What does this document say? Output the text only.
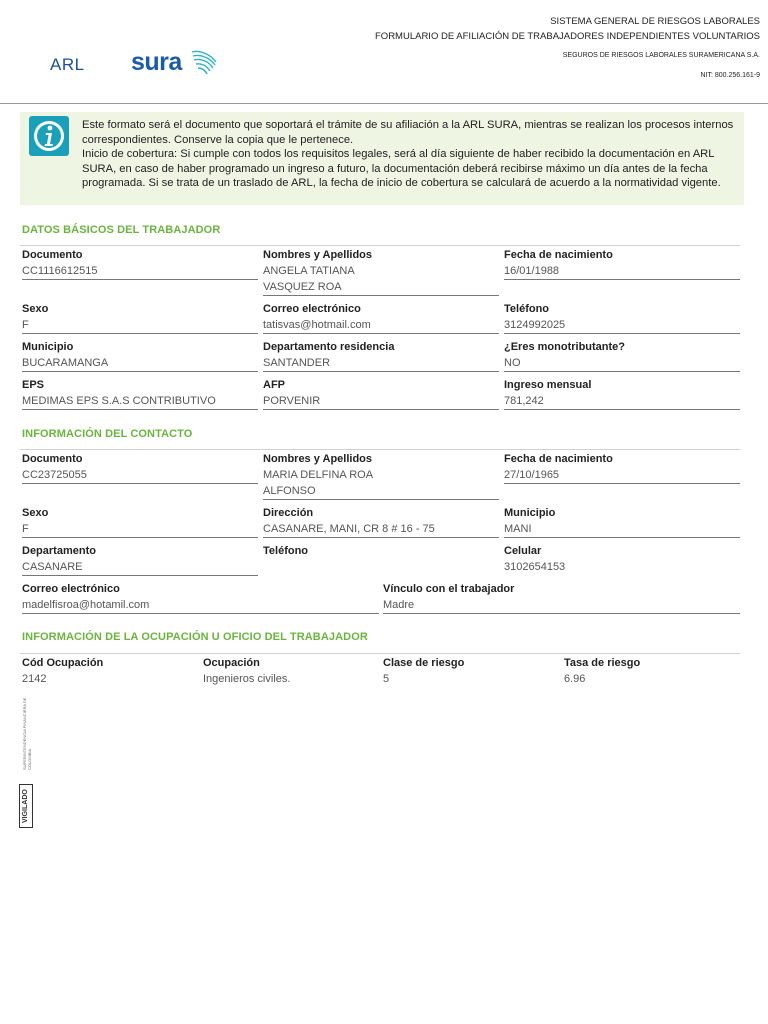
ARL sura
SISTEMA GENERAL DE RIESGOS LABORALES
FORMULARIO DE AFILIACIÓN DE TRABAJADORES INDEPENDIENTES VOLUNTARIOS
SEGUROS DE RIESGOS LABORALES SURAMERICANA S.A.
NIT: 800.256.161-9
Este formato será el documento que soportará el trámite de su afiliación a la ARL SURA, mientras se realizan los procesos internos correspondientes. Conserve la copia que le pertenece.
Inicio de cobertura: Si cumple con todos los requisitos legales, será al día siguiente de haber recibido la documentación en ARL SURA, en caso de haber programado un ingreso a futuro, la documentación deberá recibirse máximo un día antes de la fecha programada. Si se trata de un traslado de ARL, la fecha de inicio de cobertura se calculará de acuerdo a la normatividad vigente.
DATOS BÁSICOS DEL TRABAJADOR
Documento
CC1116612515
Nombres y Apellidos
ANGELA TATIANA
VASQUEZ ROA
Fecha de nacimiento
16/01/1988
Sexo
F
Correo electrónico
tatisvas@hotmail.com
Teléfono
3124992025
Municipio
BUCARAMANGA
Departamento residencia
SANTANDER
¿Eres monotributante?
NO
EPS
MEDIMAS EPS S.A.S CONTRIBUTIVO
AFP
PORVENIR
Ingreso mensual
781,242
INFORMACIÓN DEL CONTACTO
Documento
CC23725055
Nombres y Apellidos
MARIA DELFINA ROA
ALFONSO
Fecha de nacimiento
27/10/1965
Sexo
F
Dirección
CASANARE, MANI, CR 8 # 16 - 75
Municipio
MANI
Departamento
CASANARE
Teléfono	Celular
3102654153
Correo electrónico
madelfisroa@hotamil.com
Vínculo con el trabajador
Madre
INFORMACIÓN DE LA OCUPACIÓN U OFICIO DEL TRABAJADOR
Cód Ocupación
2142
Ocupación
Ingenieros civiles.
Clase de riesgo
5
Tasa de riesgo
6.96
SUPERINTENDENCIA FINANCIERA DE COLOMBIA
VIGILADO
